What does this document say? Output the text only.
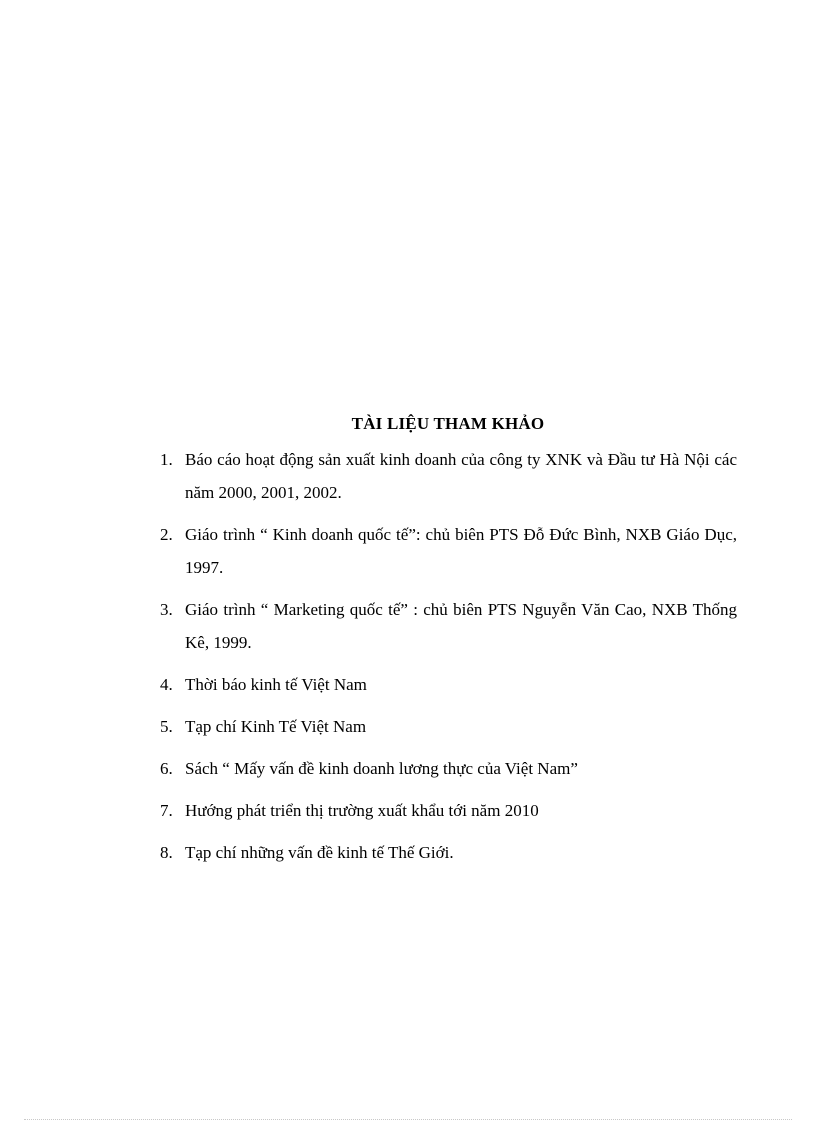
TÀI LIỆU THAM KHẢO
1. Báo cáo hoạt động sản xuất kinh doanh của công ty XNK và Đầu tư Hà Nội các năm 2000, 2001, 2002.
2. Giáo trình “ Kinh doanh quốc tế”: chủ biên PTS Đỗ Đức Bình, NXB Giáo Dục, 1997.
3. Giáo trình “ Marketing quốc tế” : chủ biên PTS Nguyễn Văn Cao, NXB Thống Kê, 1999.
4. Thời báo kinh tế Việt Nam
5. Tạp chí Kinh Tế Việt Nam
6. Sách “ Mấy vấn đề kinh doanh lương thực của Việt Nam”
7. Hướng phát triển thị trường xuất khẩu tới năm 2010
8. Tạp chí những vấn đề kinh tế Thế Giới.
